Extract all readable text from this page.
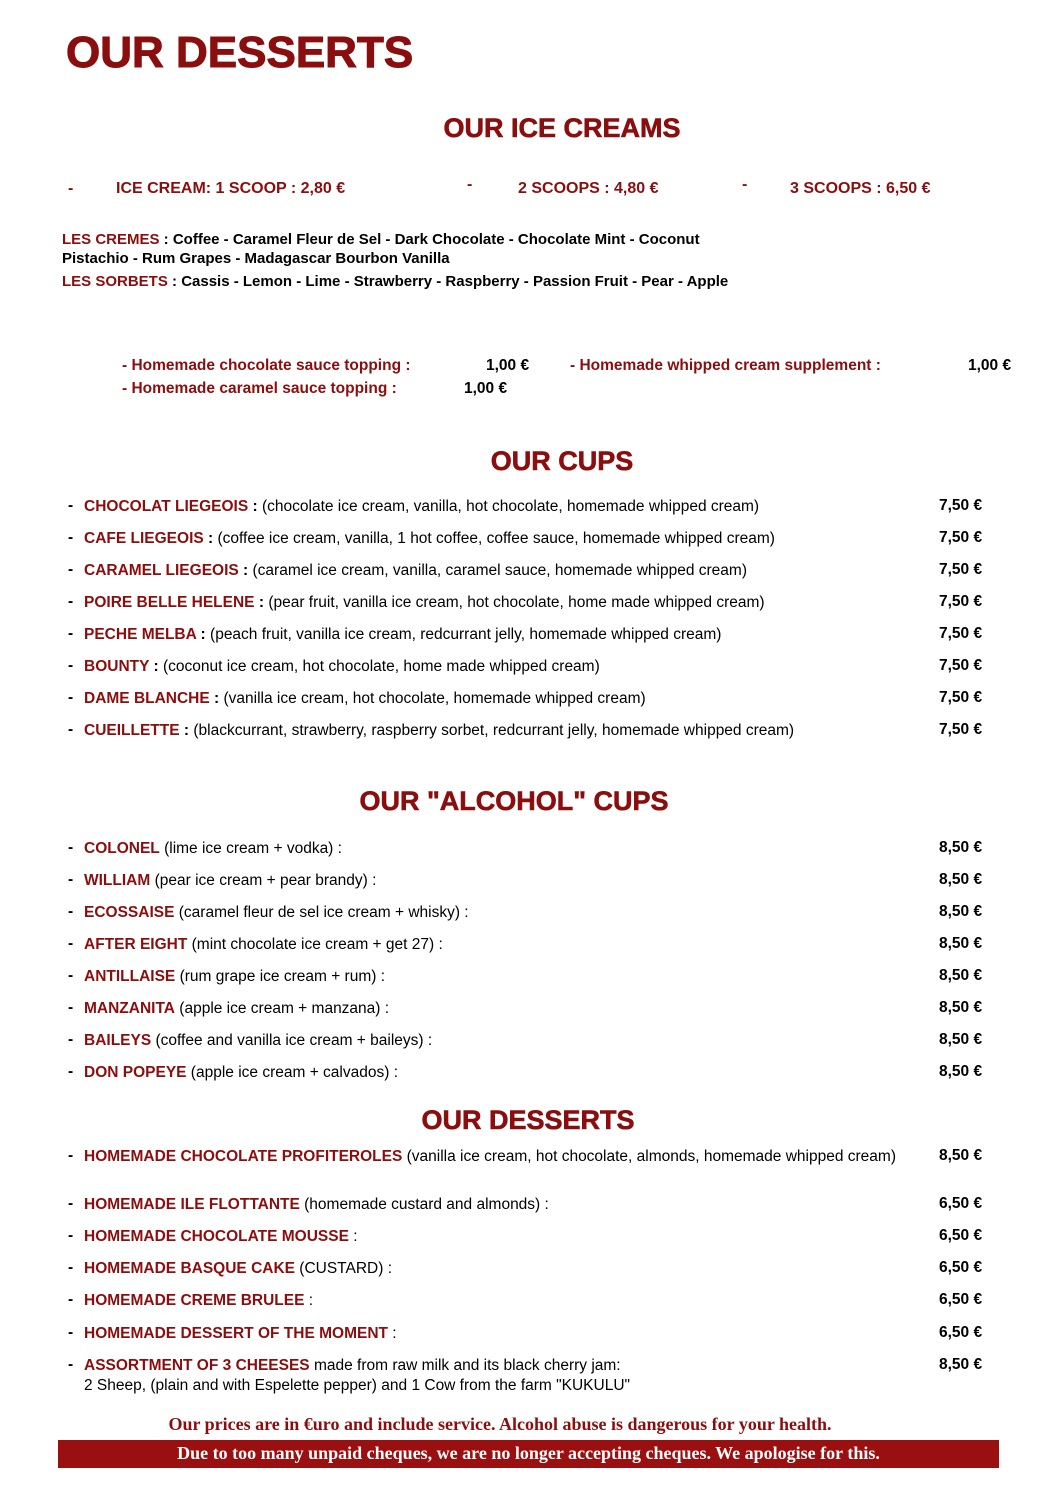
OUR DESSERTS
OUR ICE CREAMS
-	ICE CREAM: 1 SCOOP : 2,80 €	-	2 SCOOPS : 4,80 €	-	3 SCOOPS : 6,50 €
LES CREMES : Coffee - Caramel Fleur de Sel - Dark Chocolate - Chocolate Mint - Coconut
Pistachio - Rum Grapes - Madagascar Bourbon Vanilla
LES SORBETS : Cassis - Lemon - Lime - Strawberry - Raspberry - Passion Fruit - Pear - Apple
- Homemade chocolate sauce topping :	1,00 €	- Homemade whipped cream supplement :	1,00 €
- Homemade caramel sauce topping :	1,00 €
OUR CUPS
- CHOCOLAT LIEGEOIS : (chocolate ice cream, vanilla, hot chocolate, homemade whipped cream)	7,50 €
- CAFE LIEGEOIS : (coffee ice cream, vanilla, 1 hot coffee, coffee sauce, homemade whipped cream)	7,50 €
- CARAMEL LIEGEOIS : (caramel ice cream, vanilla, caramel sauce, homemade whipped cream)	7,50 €
- POIRE BELLE HELENE : (pear fruit, vanilla ice cream, hot chocolate, home made whipped cream)	7,50 €
- PECHE MELBA : (peach fruit, vanilla ice cream, redcurrant jelly, homemade whipped cream)	7,50 €
- BOUNTY : (coconut ice cream, hot chocolate, home made whipped cream)	7,50 €
- DAME BLANCHE : (vanilla ice cream, hot chocolate, homemade whipped cream)	7,50 €
- CUEILLETTE : (blackcurrant, strawberry, raspberry sorbet, redcurrant jelly, homemade whipped cream)	7,50 €
OUR "ALCOHOL" CUPS
- COLONEL (lime ice cream + vodka) :	8,50 €
- WILLIAM (pear ice cream + pear brandy) :	8,50 €
- ECOSSAISE (caramel fleur de sel ice cream + whisky) :	8,50 €
- AFTER EIGHT (mint chocolate ice cream + get 27) :	8,50 €
- ANTILLAISE (rum grape ice cream + rum) :	8,50 €
- MANZANITA (apple ice cream + manzana) :	8,50 €
- BAILEYS (coffee and vanilla ice cream + baileys) :	8,50 €
- DON POPEYE (apple ice cream + calvados) :	8,50 €
OUR DESSERTS
- HOMEMADE CHOCOLATE PROFITEROLES (vanilla ice cream, hot chocolate, almonds, homemade whipped cream)	8,50 €
- HOMEMADE ILE FLOTTANTE (homemade custard and almonds) :	6,50 €
- HOMEMADE CHOCOLATE MOUSSE :	6,50 €
- HOMEMADE BASQUE CAKE (CUSTARD) :	6,50 €
- HOMEMADE CREME BRULEE :	6,50 €
- HOMEMADE DESSERT OF THE MOMENT :	6,50 €
- ASSORTMENT OF 3 CHEESES made from raw milk and its black cherry jam:
2 Sheep, (plain and with Espelette pepper) and 1 Cow from the farm "KUKULU"
8,50 €
Our prices are in €uro and include service. Alcohol abuse is dangerous for your health.
Due to too many unpaid cheques, we are no longer accepting cheques. We apologise for this.
